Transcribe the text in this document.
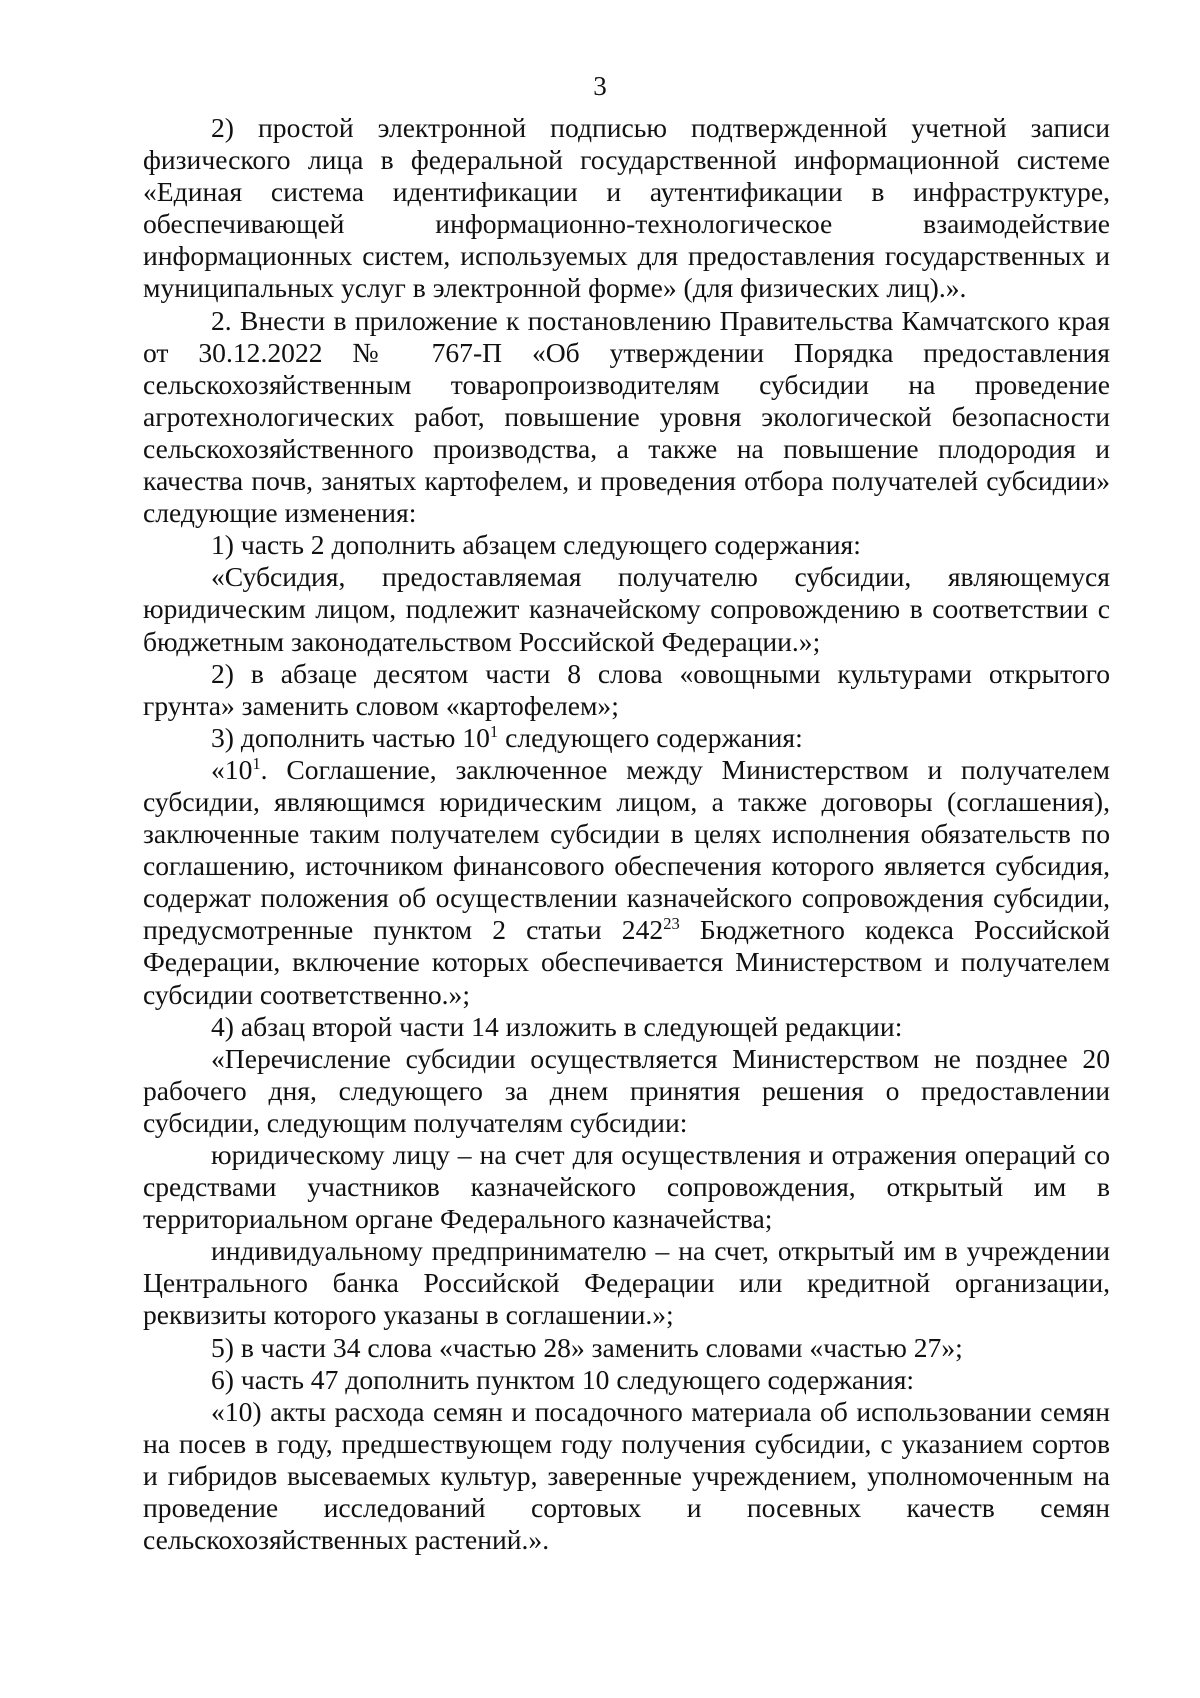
3

2) простой электронной подписью подтвержденной учетной записи физического лица в федеральной государственной информационной системе «Единая система идентификации и аутентификации в инфраструктуре, обеспечивающей информационно-технологическое взаимодействие информационных систем, используемых для предоставления государственных и муниципальных услуг в электронной форме» (для физических лиц).».

2. Внести в приложение к постановлению Правительства Камчатского края от 30.12.2022 № 767-П «Об утверждении Порядка предоставления сельскохозяйственным товаропроизводителям субсидии на проведение агротехнологических работ, повышение уровня экологической безопасности сельскохозяйственного производства, а также на повышение плодородия и качества почв, занятых картофелем, и проведения отбора получателей субсидии» следующие изменения:

1) часть 2 дополнить абзацем следующего содержания:

«Субсидия, предоставляемая получателю субсидии, являющемуся юридическим лицом, подлежит казначейскому сопровождению в соответствии с бюджетным законодательством Российской Федерации.»;

2) в абзаце десятом части 8 слова «овощными культурами открытого грунта» заменить словом «картофелем»;

3) дополнить частью $10^1$ следующего содержания:

«$10^1$. Соглашение, заключенное между Министерством и получателем субсидии, являющимся юридическим лицом, а также договоры (соглашения), заключенные таким получателем субсидии в целях исполнения обязательств по соглашению, источником финансового обеспечения которого является субсидия, содержат положения об осуществлении казначейского сопровождения субсидии, предусмотренные пунктом 2 статьи $242^{23}$ Бюджетного кодекса Российской Федерации, включение которых обеспечивается Министерством и получателем субсидии соответственно.»;

4) абзац второй части 14 изложить в следующей редакции:

«Перечисление субсидии осуществляется Министерством не позднее 20 рабочего дня, следующего за днем принятия решения о предоставлении субсидии, следующим получателям субсидии:

юридическому лицу – на счет для осуществления и отражения операций со средствами участников казначейского сопровождения, открытый им в территориальном органе Федерального казначейства;

индивидуальному предпринимателю – на счет, открытый им в учреждении Центрального банка Российской Федерации или кредитной организации, реквизиты которого указаны в соглашении.»;

5) в части 34 слова «частью 28» заменить словами «частью 27»;

6) часть 47 дополнить пунктом 10 следующего содержания:

«10) акты расхода семян и посадочного материала об использовании семян на посев в году, предшествующем году получения субсидии, с указанием сортов и гибридов высеваемых культур, заверенные учреждением, уполномоченным на проведение исследований сортовых и посевных качеств семян сельскохозяйственных растений.».
